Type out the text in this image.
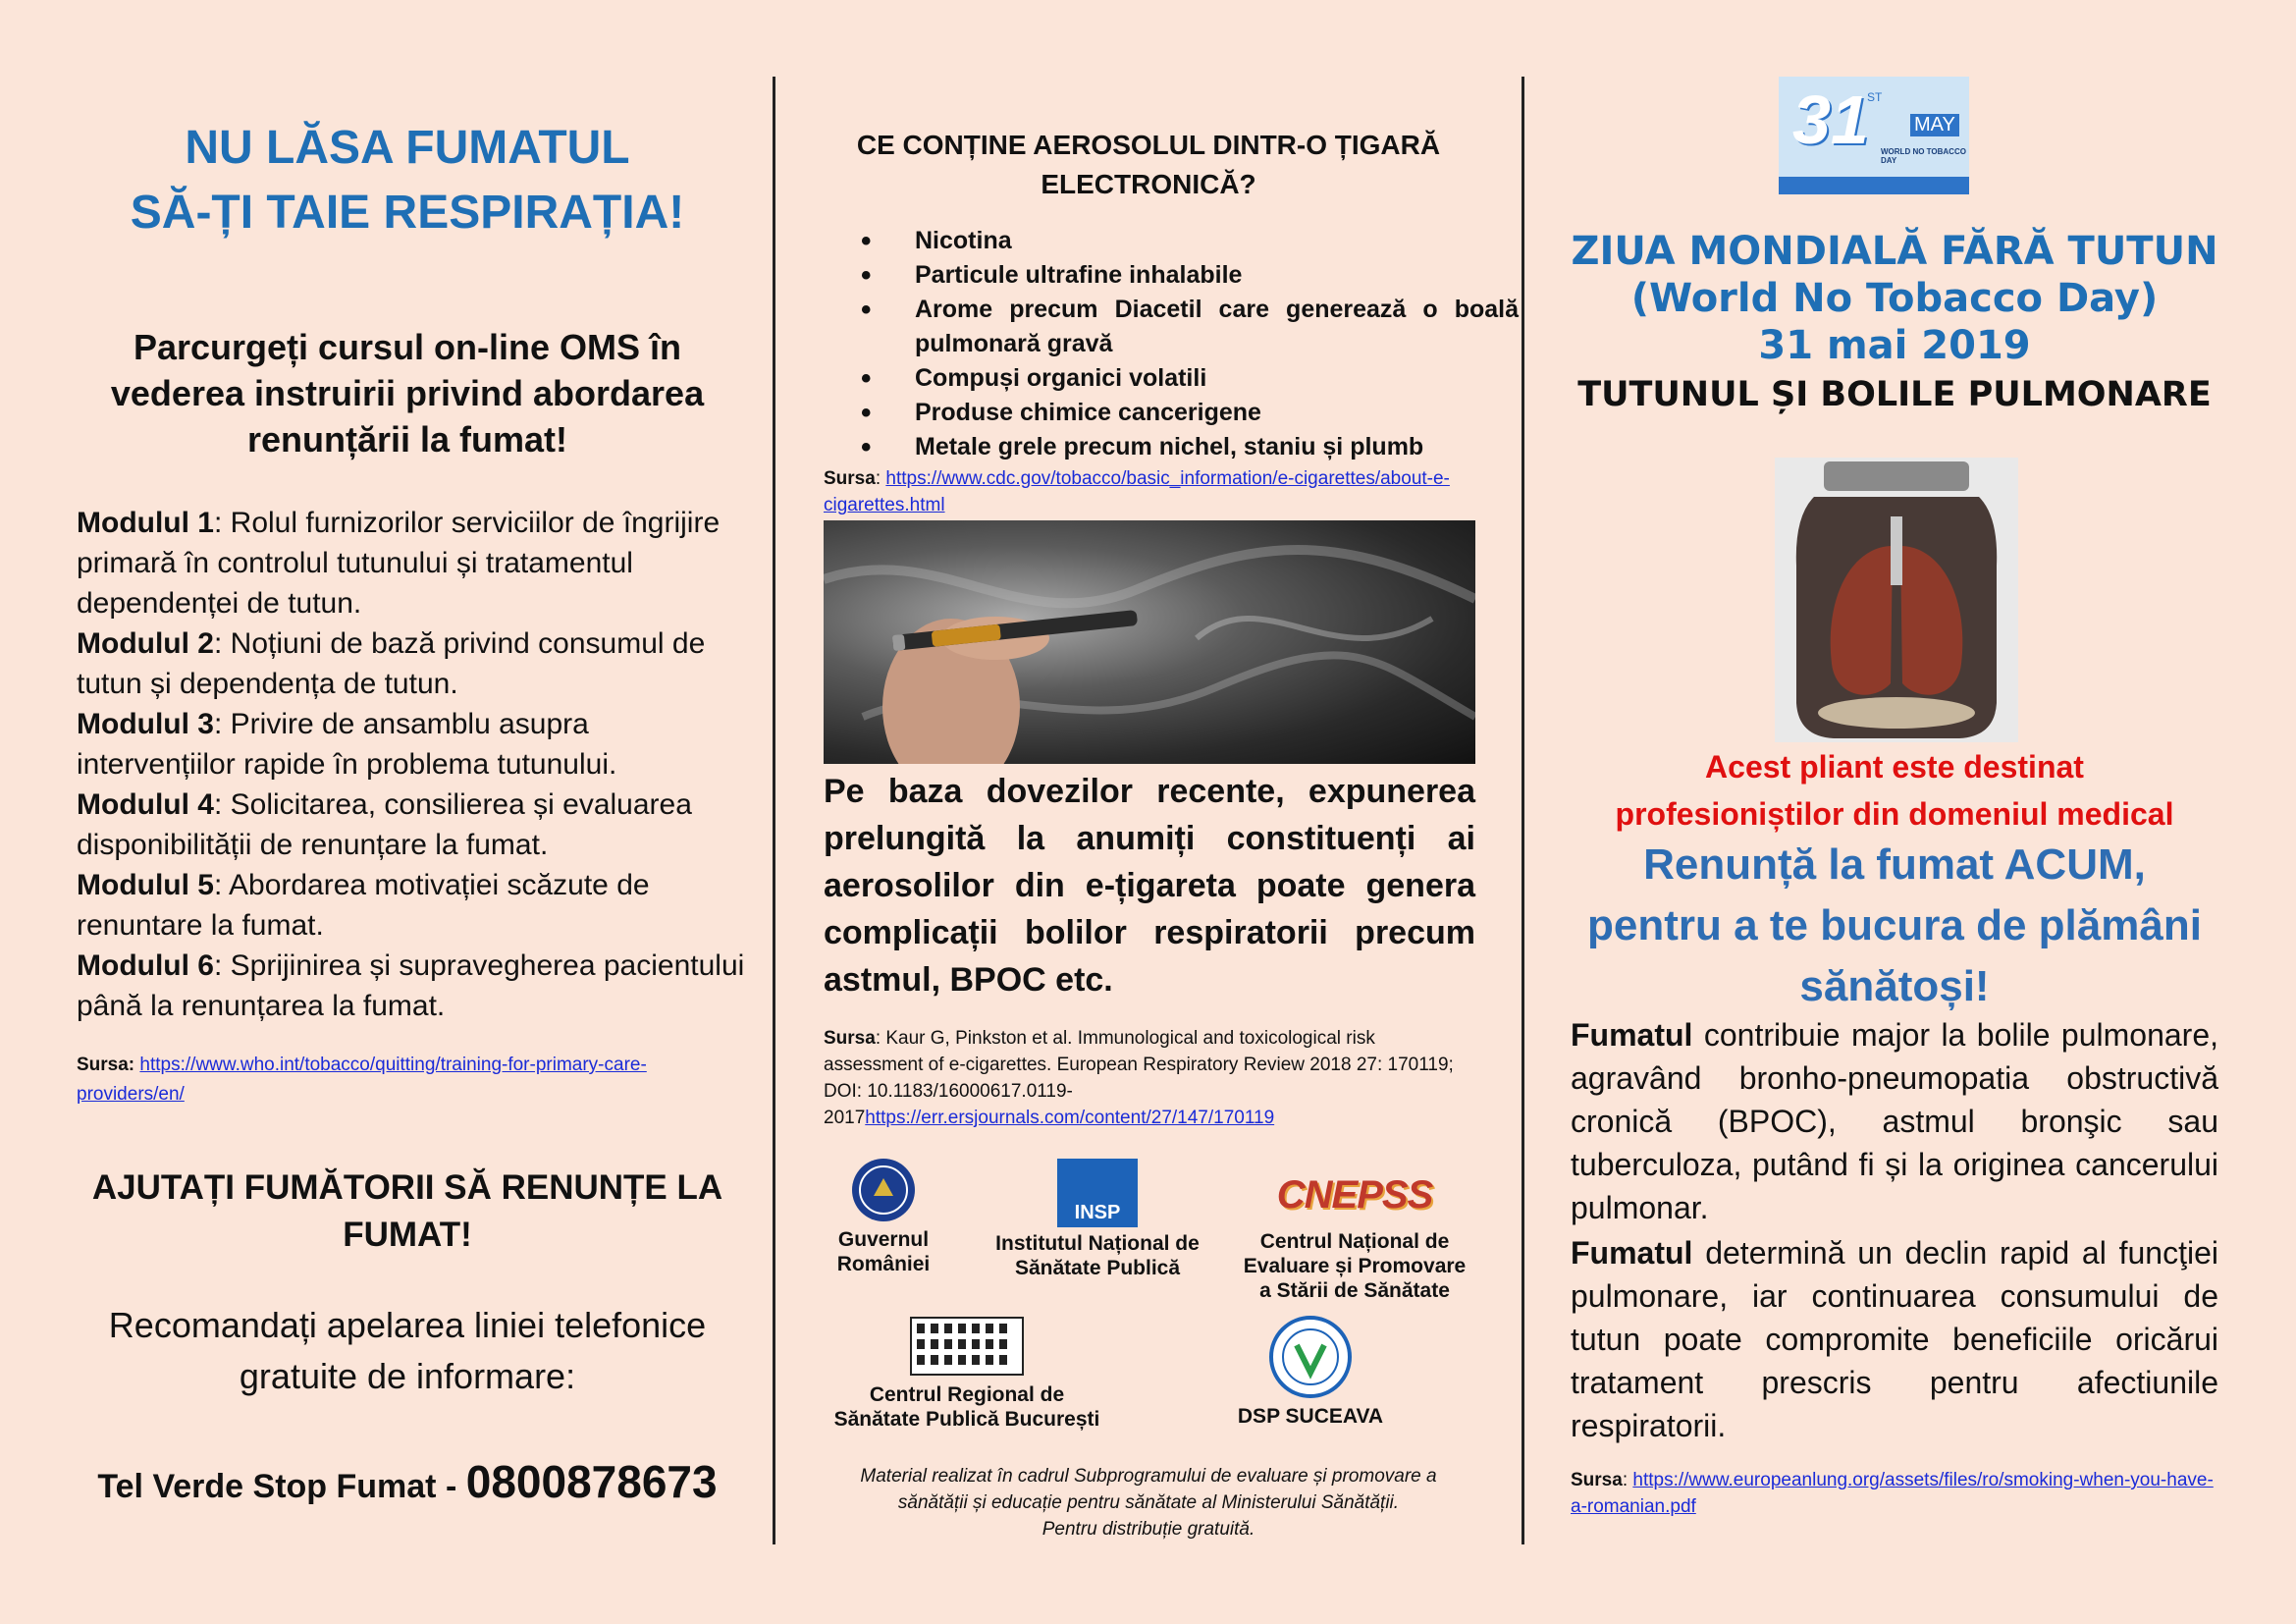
NU LĂSA FUMATUL
SĂ-ȚI TAIE RESPIRAȚIA!
Parcurgeți cursul on-line OMS în vederea instruirii privind abordarea renunțării la fumat!
Modulul 1: Rolul furnizorilor serviciilor de îngrijire primară în controlul tutunului și tratamentul dependenței de tutun.
Modulul 2: Noțiuni de bază privind consumul de tutun și dependența de tutun.
Modulul 3: Privire de ansamblu asupra intervențiilor rapide în problema tutunului.
Modulul 4: Solicitarea, consilierea și evaluarea disponibilității de renunțare la fumat.
Modulul 5: Abordarea motivației scăzute de renuntare la fumat.
Modulul 6: Sprijinirea și supravegherea pacientului până la renunțarea la fumat.
Sursa: https://www.who.int/tobacco/quitting/training-for-primary-care-providers/en/
AJUTAȚI FUMĂTORII SĂ RENUNȚE LA FUMAT!
Recomandați apelarea liniei telefonice gratuite de informare:
Tel Verde Stop Fumat - 0800878673
CE CONȚINE AEROSOLUL DINTR-O ȚIGARĂ ELECTRONICĂ?
• Nicotina
• Particule ultrafine inhalabile
• Arome precum Diacetil care generează o boală pulmonară gravă
• Compuși organici volatili
• Produse chimice cancerigene
• Metale grele precum nichel, staniu și plumb
Sursa: https://www.cdc.gov/tobacco/basic_information/e-cigarettes/about-e-cigarettes.html
Pe baza dovezilor recente, expunerea prelungită la anumiți constituenți ai aerosolilor din e-țigareta poate genera complicații bolilor respiratorii precum astmul, BPOC etc.
Sursa: Kaur G, Pinkston et al. Immunological and toxicological risk assessment of e-cigarettes. European Respiratory Review 2018 27: 170119; DOI: 10.1183/16000617.0119-2017https://err.ersjournals.com/content/27/147/170119
Guvernul
României
INSP
Institutul Național de
Sănătate Publică
CNEPSS
Centrul Național de
Evaluare și Promovare
a Stării de Sănătate
Centrul Regional de
Sănătate Publică București	DSP SUCEAVA
Material realizat în cadrul Subprogramului de evaluare și promovare a
sănătății și educație pentru sănătate al Ministerului Sănătății.
Pentru distribuție gratuită.
31
ST
MAY
WORLD NO TOBACCO DAY
ZIUA MONDIALĂ FĂRĂ TUTUN
(World No Tobacco Day)
31 mai 2019
TUTUNUL ȘI BOLILE PULMONARE
Acest pliant este destinat
profesioniștilor din domeniul medical
Renunță la fumat ACUM,
pentru a te bucura de plămâni
sănătoși!
Fumatul contribuie major la bolile pulmonare, agravând bronho-pneumopatia obstructivă cronică (BPOC), astmul bronşic sau tuberculoza, putând fi și la originea cancerului pulmonar.
Fumatul determină un declin rapid al funcţiei pulmonare, iar continuarea consumului de tutun poate compromite beneficiile oricărui tratament prescris pentru afectiunile respiratorii.
Sursa: https://www.europeanlung.org/assets/files/ro/smoking-when-you-have-a-romanian.pdf
